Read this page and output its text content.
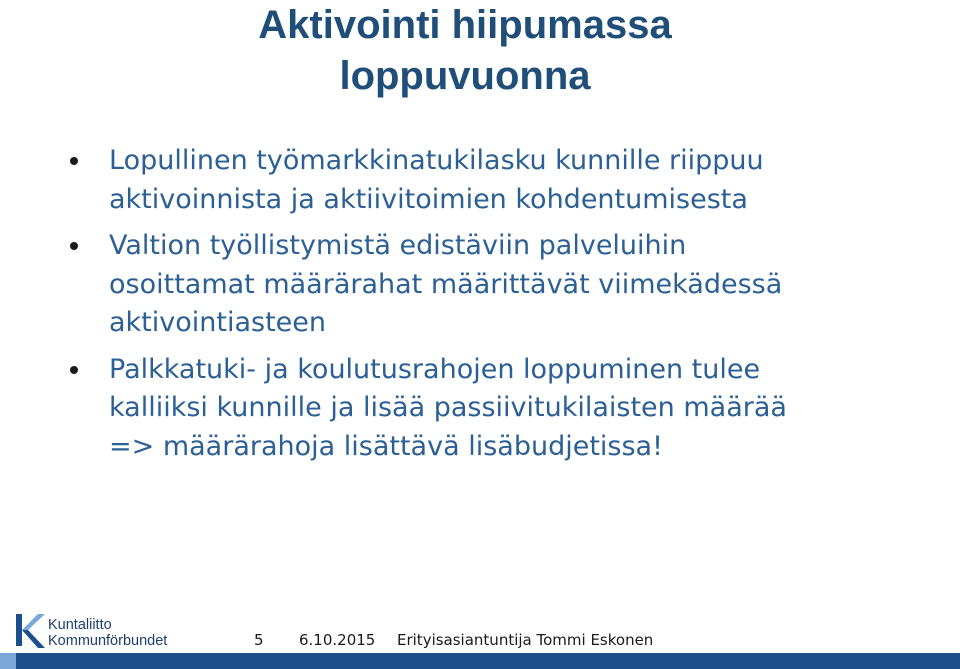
Aktivointi hiipumassa
loppuvuonna
Lopullinen työmarkkinatukilasku kunnille riippuu
aktivoinnista ja aktiivitoimien kohdentumisesta
Valtion työllistymistä edistäviin palveluihin
osoittamat määrärahat määrittävät viimekädessä
aktivointiasteen
Palkkatuki- ja koulutusrahojen loppuminen tulee
kalliiksi kunnille ja lisää passiivitukilaisten määrää
=> määrärahoja lisättävä lisäbudjetissa!
Kuntaliitto
Kommunförbundet	5 6.10.2015 Erityisasiantuntija Tommi Eskonen
